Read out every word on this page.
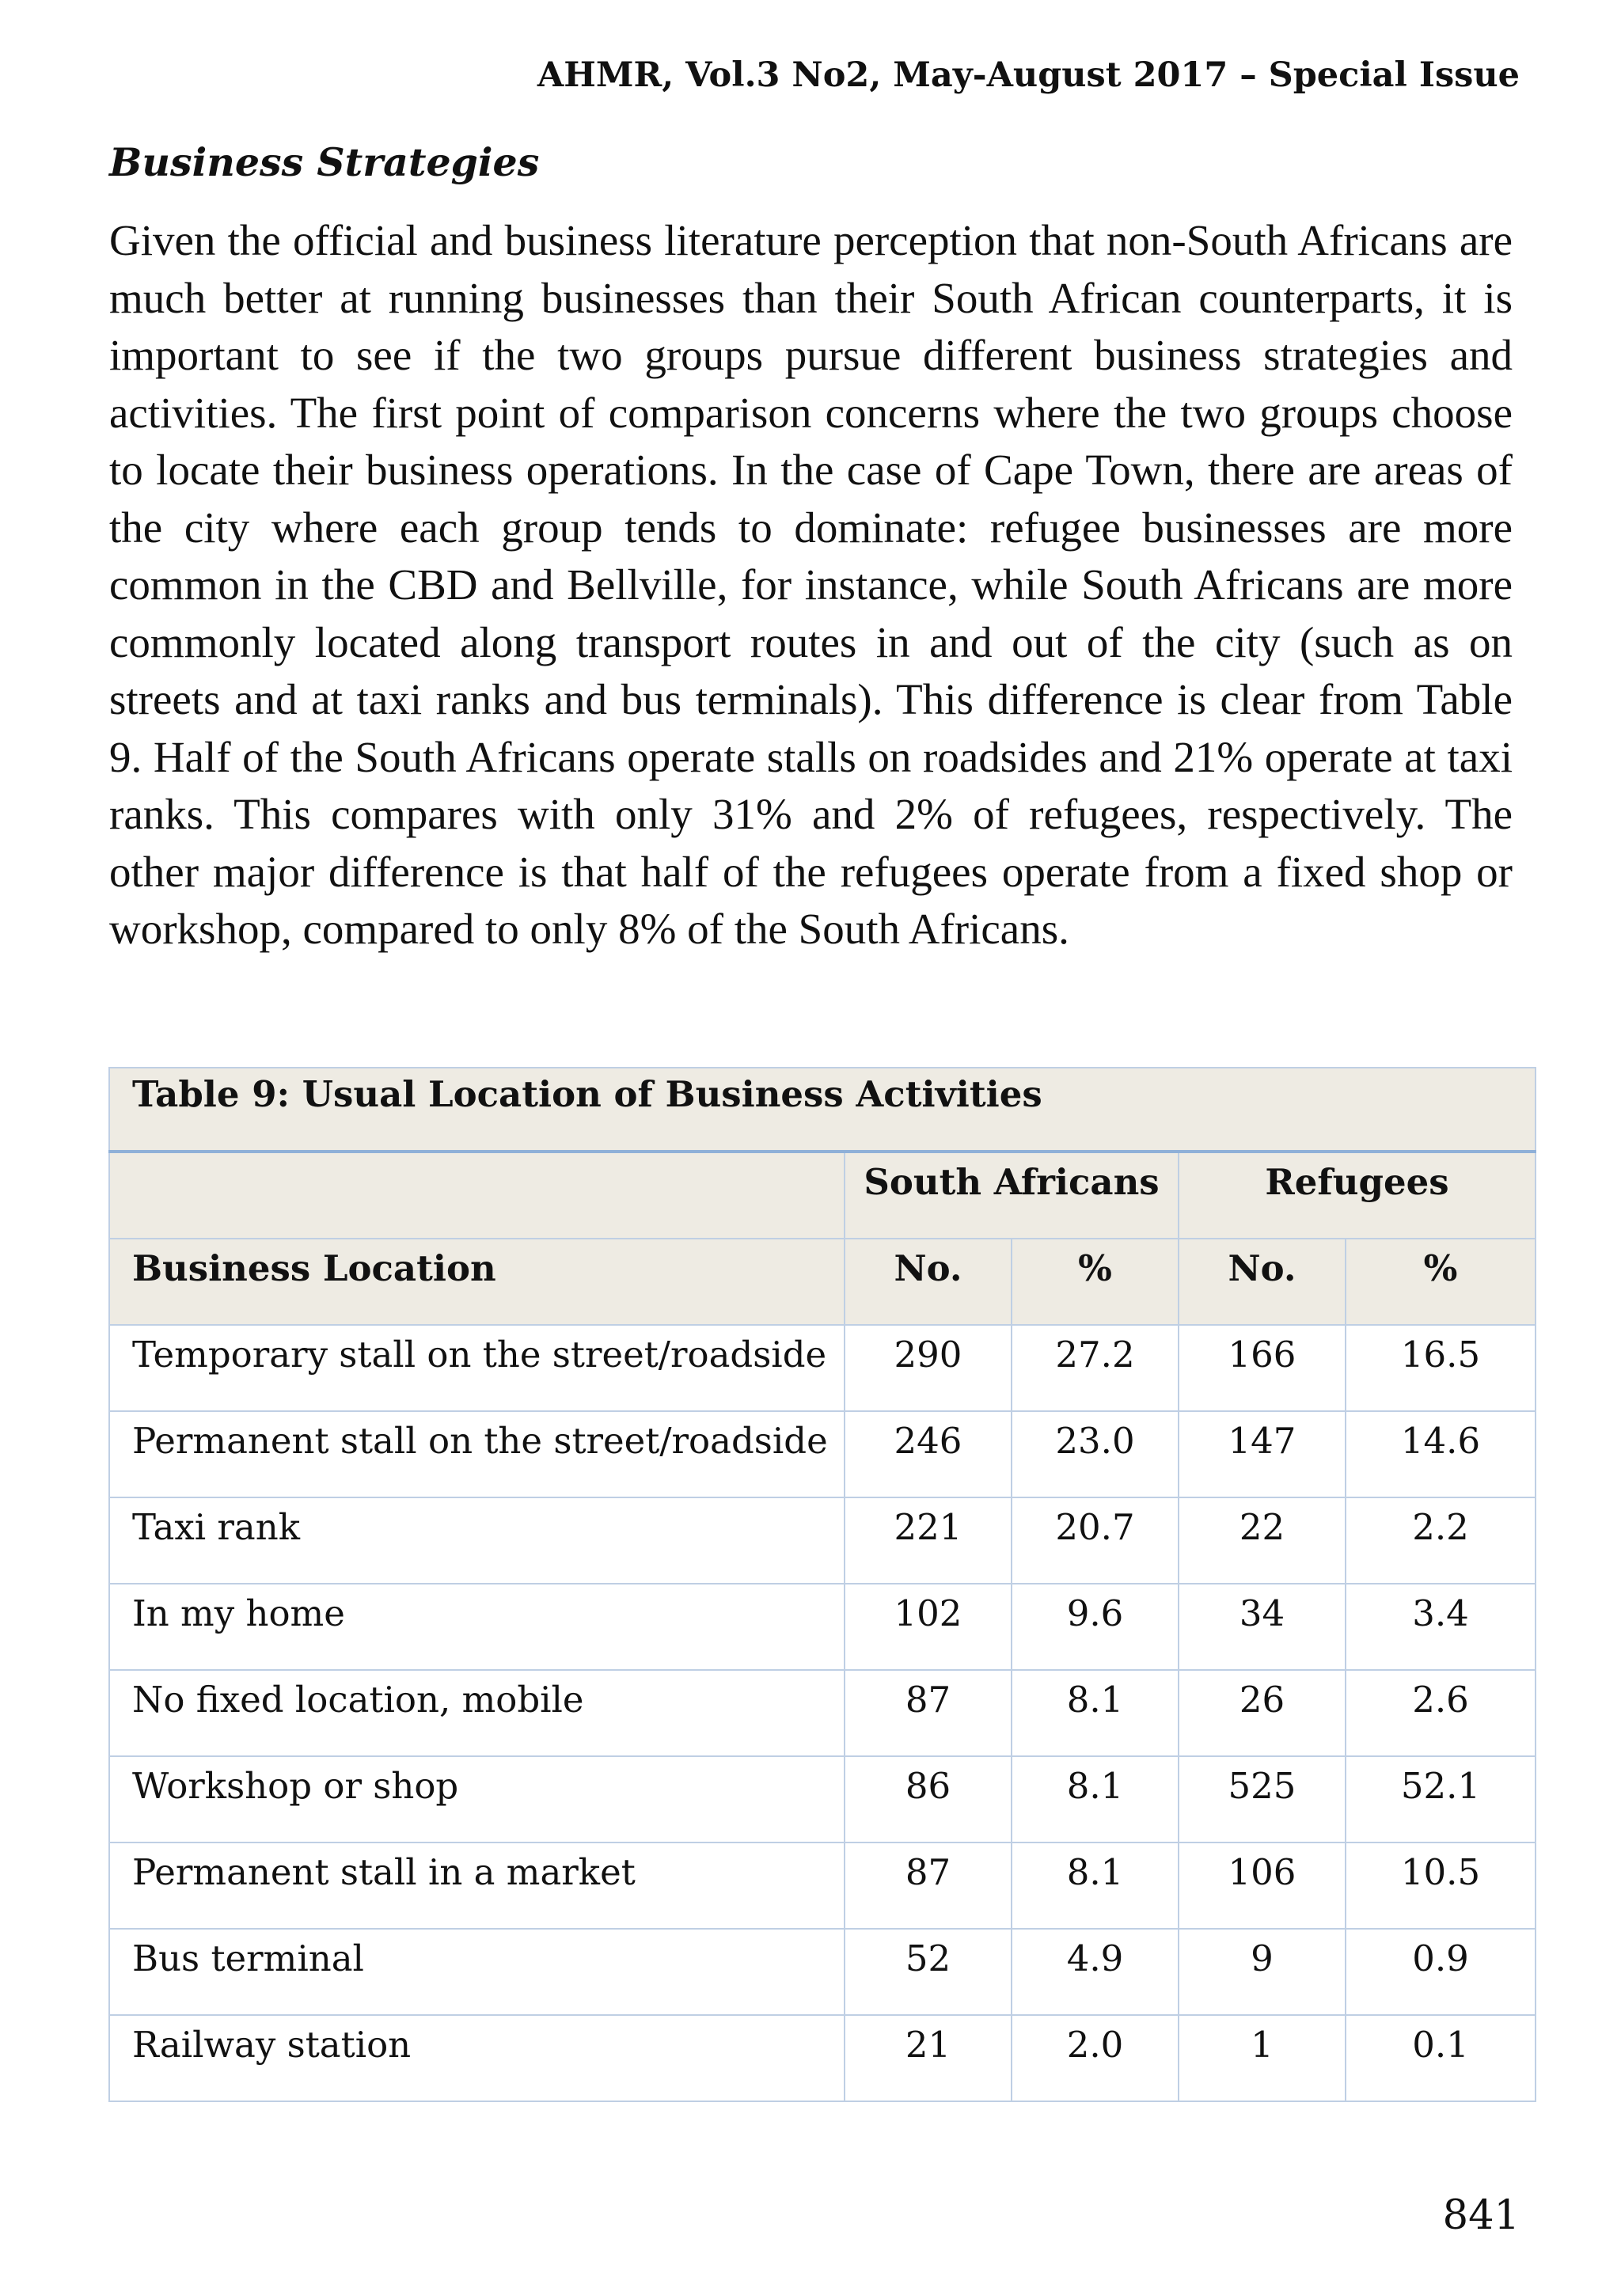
AHMR, Vol.3 No2, May-August 2017 – Special Issue
Business Strategies

Given the official and business literature perception that non-South Africans are much better at running businesses than their South African counterparts, it is important to see if the two groups pursue different business strategies and activities. The first point of comparison concerns where the two groups choose to locate their business operations. In the case of Cape Town, there are areas of the city where each group tends to dominate: refugee businesses are more common in the CBD and Bellville, for instance, while South Africans are more commonly located along transport routes in and out of the city (such as on streets and at taxi ranks and bus terminals). This difference is clear from Table 9. Half of the South Africans operate stalls on roadsides and 21% operate at taxi ranks. This compares with only 31% and 2% of refugees, respectively. The other major difference is that half of the refugees operate from a fixed shop or workshop, compared to only 8% of the South Africans.

Table 9: Usual Location of Business Activities				
	South Africans		Refugees	
Business Location	No.	%	No.	%
Temporary stall on the street/roadside	290	27.2	166	16.5
Permanent stall on the street/roadside	246	23.0	147	14.6
Taxi rank	221	20.7	22	2.2
In my home	102	9.6	34	3.4
No fixed location, mobile	87	8.1	26	2.6
Workshop or shop	86	8.1	525	52.1
Permanent stall in a market	87	8.1	106	10.5
Bus terminal	52	4.9	9	0.9
Railway station	21	2.0	1	0.1
841
